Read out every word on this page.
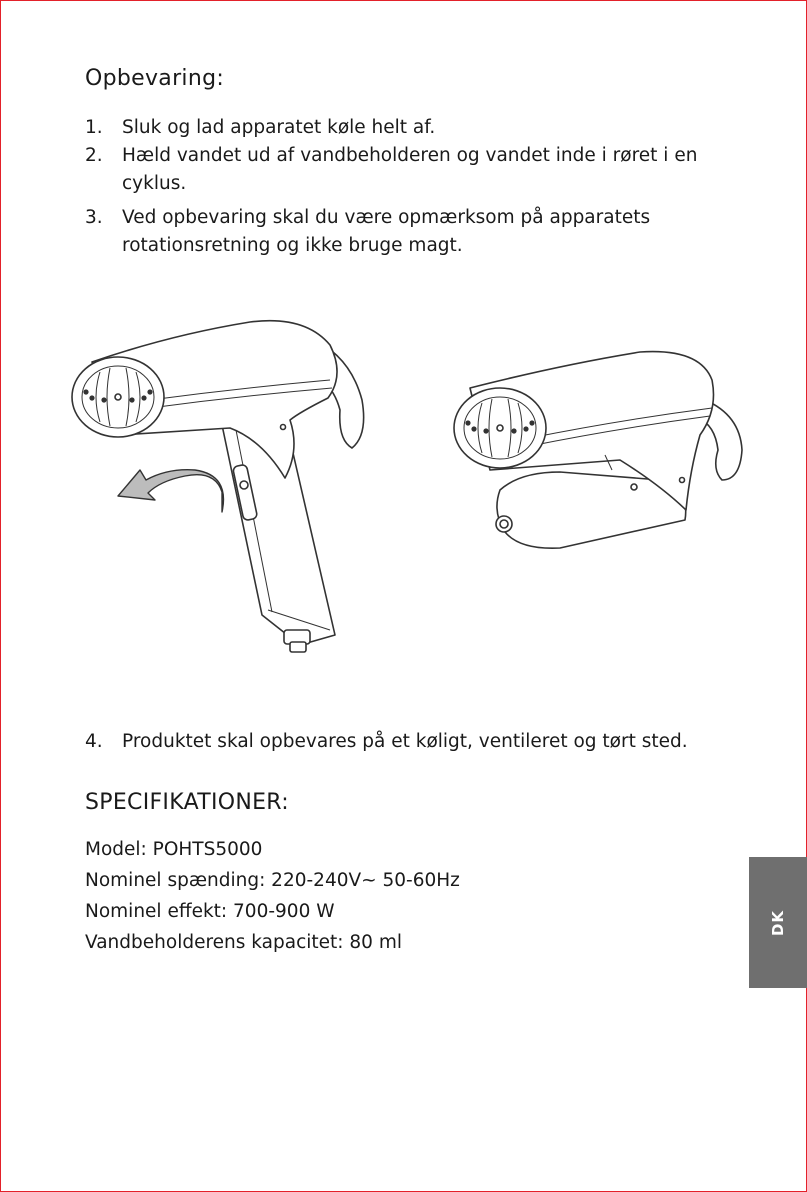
Opbevaring:
1. Sluk og lad apparatet køle helt af.
2. Hæld vandet ud af vandbeholderen og vandet inde i røret i en cyklus.
3. Ved opbevaring skal du være opmærksom på apparatets rotationsretning og ikke bruge magt.
4. Produktet skal opbevares på et køligt, ventileret og tørt sted.
SPECIFIKATIONER:

Model: POHTS5000

Nominel spænding: 220-240V~ 50-60Hz

Nominel effekt: 700-900 W

Vandbeholderens kapacitet: 80 ml

DK
